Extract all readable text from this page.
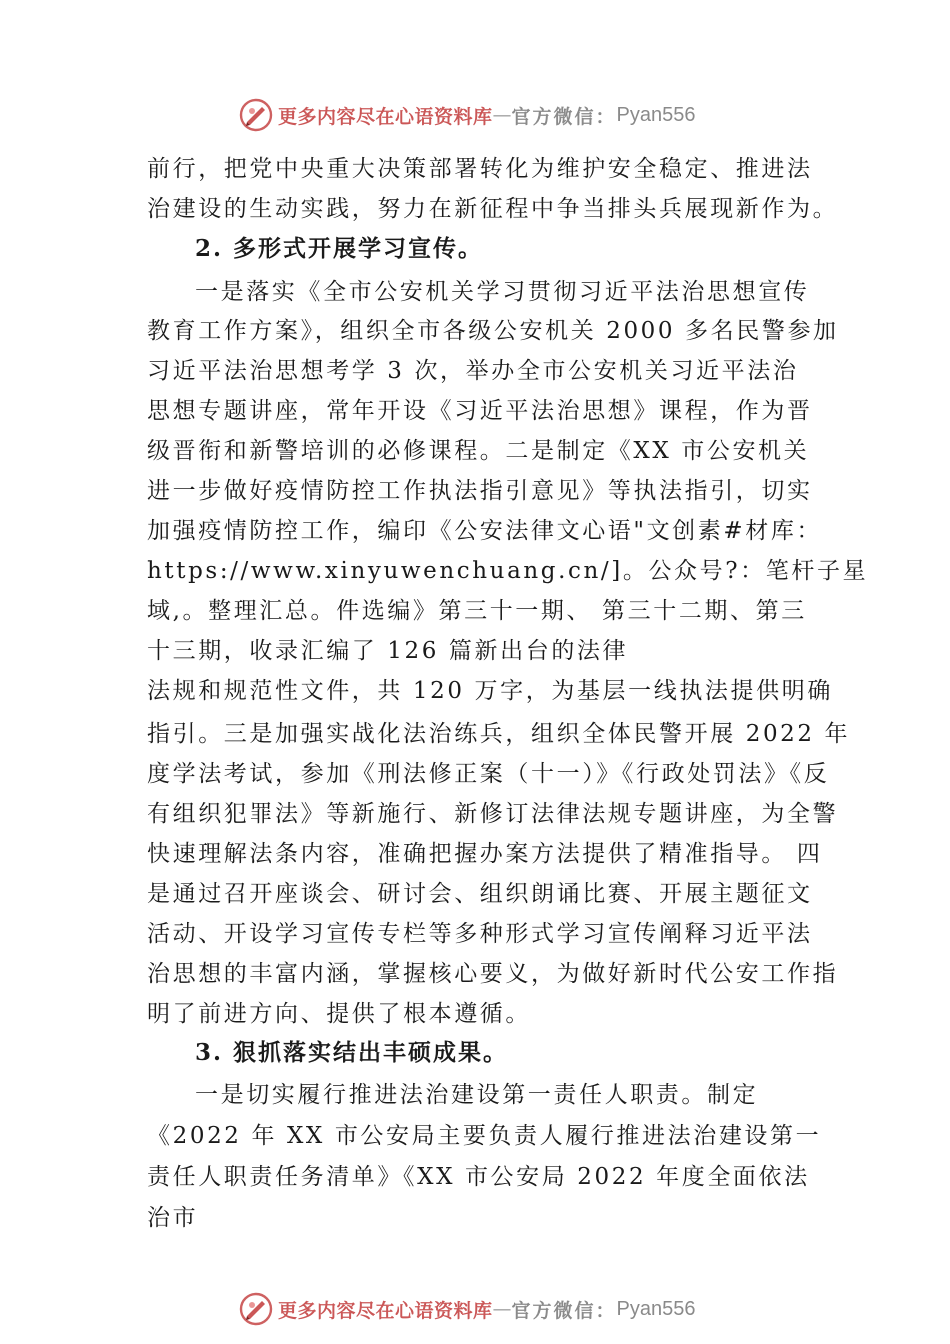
更多内容尽在心语资料库 — 官方微信： Pyan556
前行，把党中央重大决策部署转化为维护安全稳定、推进法
治建设的生动实践，努力在新征程中争当排头兵展现新作为。
2. 多形式开展学习宣传。
一是落实《全市公安机关学习贯彻习近平法治思想宣传
教育工作方案》，组织全市各级公安机关 2000 多名民警参加
习近平法治思想考学 3 次，举办全市公安机关习近平法治
思想专题讲座，常年开设《习近平法治思想》课程，作为晋
级晋衔和新警培训的必修课程。二是制定《XX 市公安机关
进一步做好疫情防控工作执法指引意见》等执法指引，切实
加强疫情防控工作，编印《公安法律文心语"文创素#材库：
https://www.xinyuwenchuang.cn/]。公众号?：笔杆子星
域,。整理汇总。件选编》第三十一期、 第三十二期、第三
十三期，收录汇编了 126 篇新出台的法律
法规和规范性文件，共 120 万字，为基层一线执法提供明确
指引。三是加强实战化法治练兵，组织全体民警开展 2022 年
度学法考试，参加《刑法修正案（十一）》《行政处罚法》《反
有组织犯罪法》等新施行、新修订法律法规专题讲座，为全警
快速理解法条内容，准确把握办案方法提供了精准指导。 四
是通过召开座谈会、研讨会、组织朗诵比赛、开展主题征文
活动、开设学习宣传专栏等多种形式学习宣传阐释习近平法
治思想的丰富内涵，掌握核心要义，为做好新时代公安工作指
明了前进方向、提供了根本遵循。
3. 狠抓落实结出丰硕成果。
一是切实履行推进法治建设第一责任人职责。制定
《2022 年 XX 市公安局主要负责人履行推进法治建设第一
责任人职责任务清单》《XX 市公安局 2022 年度全面依法
治市
更多内容尽在心语资料库 — 官方微信： Pyan556
